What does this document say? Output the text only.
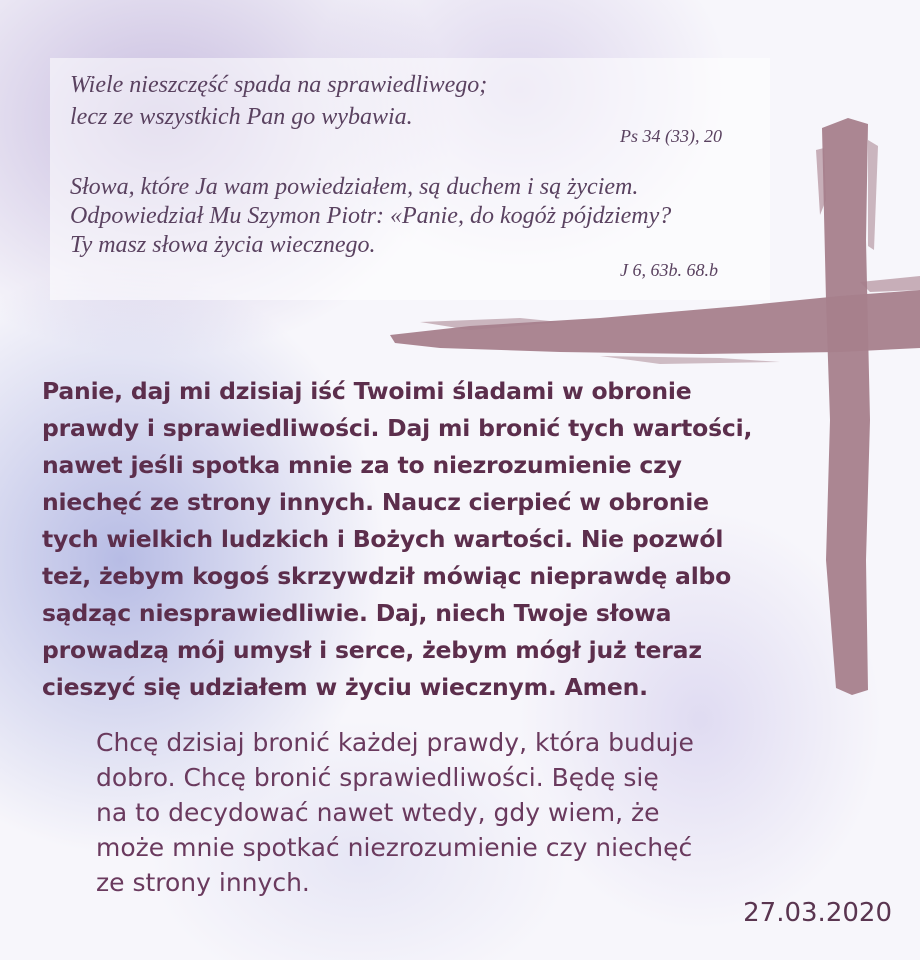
Wiele nieszczęść spada na sprawiedliwego;
lecz ze wszystkich Pan go wybawia.
Ps 34 (33), 20
Słowa, które Ja wam powiedziałem, są duchem i są życiem.
Odpowiedział Mu Szymon Piotr: «Panie, do kogóż pójdziemy?
Ty masz słowa życia wiecznego.
J 6, 63b. 68.b
Panie, daj mi dzisiaj iść Twoimi śladami w obronie
prawdy i sprawiedliwości. Daj mi bronić tych wartości,
nawet jeśli spotka mnie za to niezrozumienie czy
niechęć ze strony innych. Naucz cierpieć w obronie
tych wielkich ludzkich i Bożych wartości. Nie pozwól
też, żebym kogoś skrzywdził mówiąc nieprawdę albo
sądząc niesprawiedliwie. Daj, niech Twoje słowa
prowadzą mój umysł i serce, żebym mógł już teraz
cieszyć się udziałem w życiu wiecznym. Amen.
Chcę dzisiaj bronić każdej prawdy, która buduje
dobro. Chcę bronić sprawiedliwości. Będę się
na to decydować nawet wtedy, gdy wiem, że
może mnie spotkać niezrozumienie czy niechęć
ze strony innych.
27.03.2020
